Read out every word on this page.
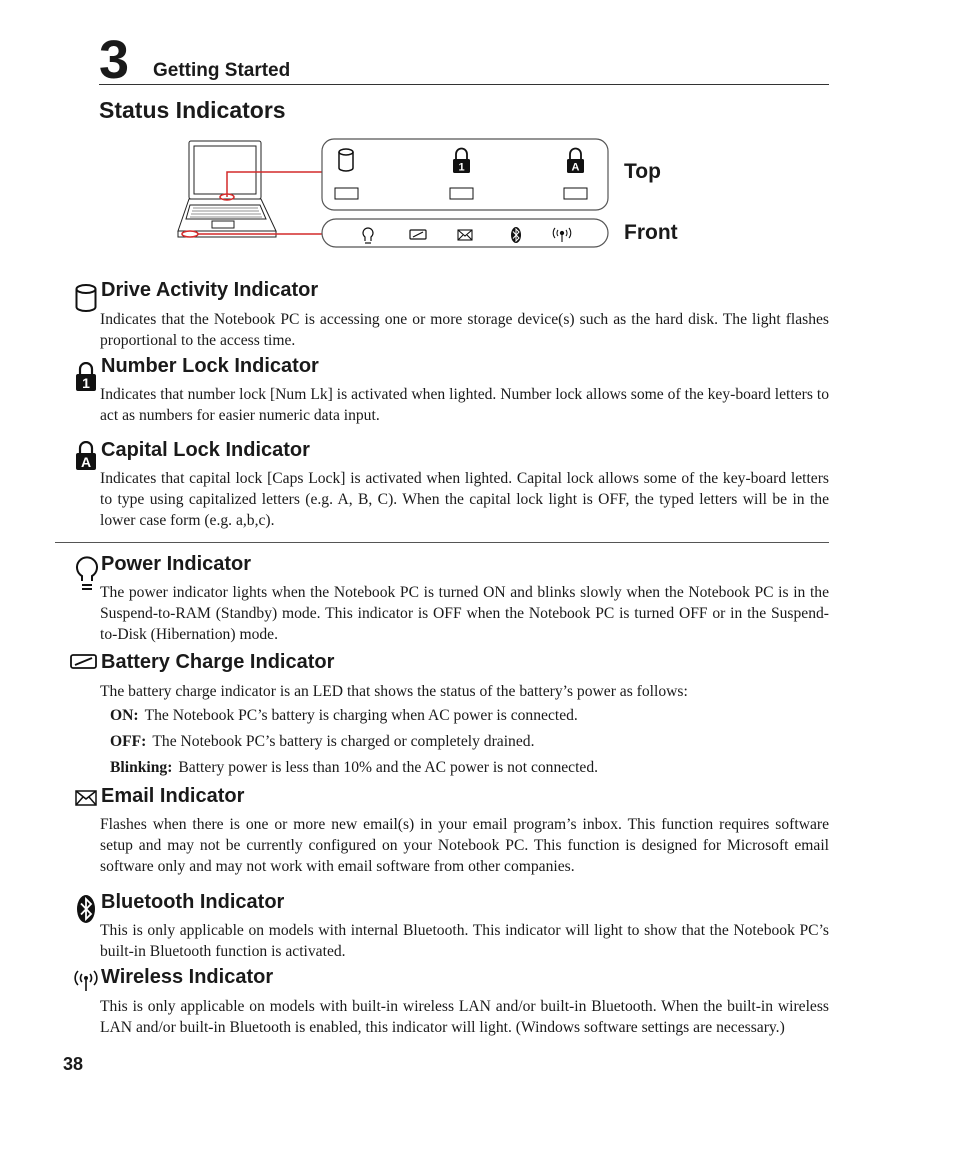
3 Getting Started
Status Indicators
1	A Top
Front
Drive Activity Indicator
Indicates that the Notebook PC is accessing one or more storage device(s) such as the hard disk. The light flashes proportional to the access time.
1
Number Lock Indicator
Indicates that number lock [Num Lk] is activated when lighted. Number lock allows some of the key-board letters to act as numbers for easier numeric data input.
A
Capital Lock Indicator
Indicates that capital lock [Caps Lock] is activated when lighted. Capital lock allows some of the key-board letters to type using capitalized letters (e.g. A, B, C). When the capital lock light is OFF, the typed letters will be in the lower case form (e.g. a,b,c).
Power Indicator
The power indicator lights when the Notebook PC is turned ON and blinks slowly when the Notebook PC is in the Suspend-to-RAM (Standby) mode. This indicator is OFF when the Notebook PC is turned OFF or in the Suspend-to-Disk (Hibernation) mode.
Battery Charge Indicator
The battery charge indicator is an LED that shows the status of the battery’s power as follows:
ON: The Notebook PC’s battery is charging when AC power is connected.
OFF: The Notebook PC’s battery is charged or completely drained.
Blinking: Battery power is less than 10% and the AC power is not connected.
Email Indicator
Flashes when there is one or more new email(s) in your email program’s inbox. This function requires software setup and may not be currently configured on your Notebook PC. This function is designed for Microsoft email software only and may not work with email software from other companies.
Bluetooth Indicator
This is only applicable on models with internal Bluetooth. This indicator will light to show that the Notebook PC’s built-in Bluetooth function is activated.
Wireless Indicator
This is only applicable on models with built-in wireless LAN and/or built-in Bluetooth. When the built-in wireless LAN and/or built-in Bluetooth is enabled, this indicator will light. (Windows software settings are necessary.)
38
